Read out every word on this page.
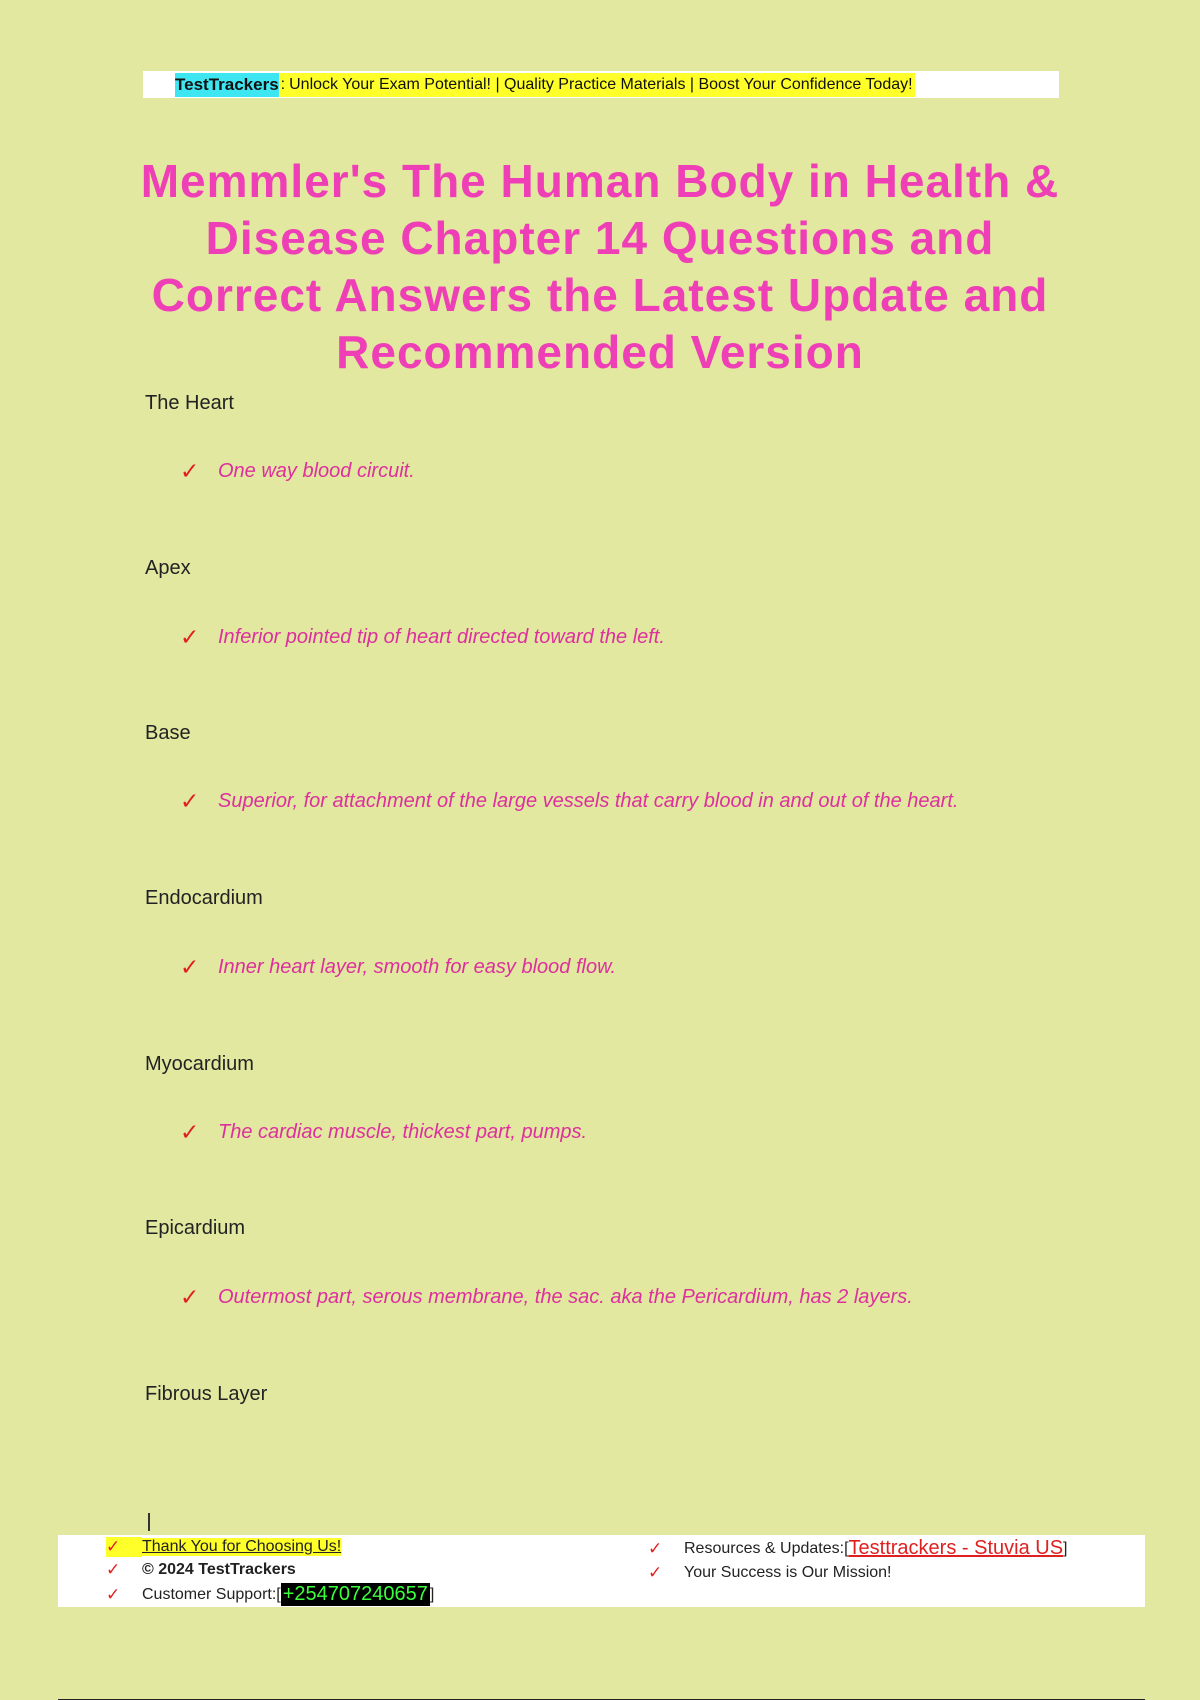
TestTrackers : Unlock Your Exam Potential! | Quality Practice Materials | Boost Your Confidence Today!
Memmler's The Human Body in Health & Disease Chapter 14 Questions and Correct Answers the Latest Update and Recommended Version
The Heart
✓ One way blood circuit.
Apex
✓ Inferior pointed tip of heart directed toward the left.
Base
✓ Superior, for attachment of the large vessels that carry blood in and out of the heart.
Endocardium
✓ Inner heart layer, smooth for easy blood flow.
Myocardium
✓ The cardiac muscle, thickest part, pumps.
Epicardium
✓ Outermost part, serous membrane, the sac. aka the Pericardium, has 2 layers.
Fibrous Layer
✓	Thank You for Choosing Us!
✓	© 2024 TestTrackers
✓	Customer Support: [ +254707240657 ]
✓	Resources & Updates: [ Testtrackers - Stuvia US ]
✓	Your Success is Our Mission!
